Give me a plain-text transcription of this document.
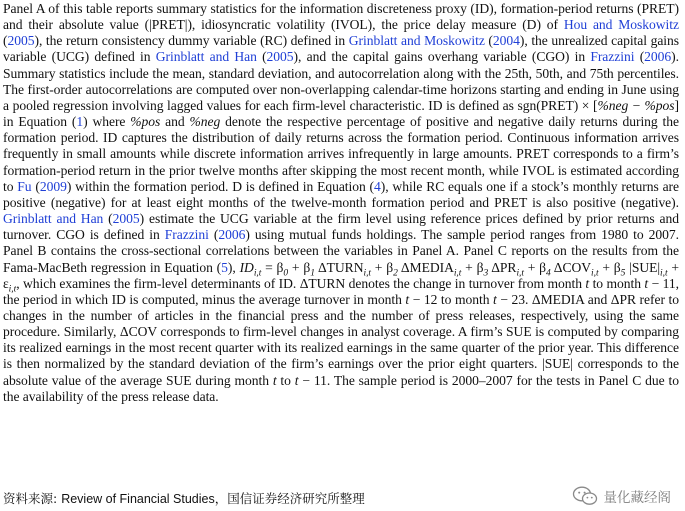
Panel A of this table reports summary statistics for the information discreteness proxy (ID), formation-period returns (PRET) and their absolute value (|PRET|), idiosyncratic volatility (IVOL), the price delay measure (D) of Hou and Moskowitz (2005), the return consistency dummy variable (RC) defined in Grinblatt and Moskowitz (2004), the unrealized capital gains variable (UCG) defined in Grinblatt and Han (2005), and the capital gains overhang variable (CGO) in Frazzini (2006). Summary statistics include the mean, standard deviation, and autocorrelation along with the 25th, 50th, and 75th percentiles. The first-order autocorrelations are computed over non-overlapping calendar-time horizons starting and ending in June using a pooled regression involving lagged values for each firm-level characteristic. ID is defined as sgn(PRET) × [%neg − %pos] in Equation (1) where %pos and %neg denote the respective percentage of positive and negative daily returns during the formation period. ID captures the distribution of daily returns across the formation period. Continuous information arrives frequently in small amounts while discrete information arrives infrequently in large amounts. PRET corresponds to a firm’s formation-period return in the prior twelve months after skipping the most recent month, while IVOL is estimated according to Fu (2009) within the formation period. D is defined in Equation (4), while RC equals one if a stock’s monthly returns are positive (negative) for at least eight months of the twelve-month formation period and PRET is also positive (negative). Grinblatt and Han (2005) estimate the UCG variable at the firm level using reference prices defined by prior returns and turnover. CGO is defined in Frazzini (2006) using mutual funds holdings. The sample period ranges from 1980 to 2007. Panel B contains the cross-sectional correlations between the variables in Panel A. Panel C reports on the results from the Fama-MacBeth regression in Equation (5), $ID_{i,t} = \beta_0 + \beta_1$ $\Delta TURN_{i,t} + \beta_2$ $\Delta MEDIA_{i,t} + \beta_3$ $\Delta PR_{i,t} + \beta_4$ $\Delta COV_{i,t} + \beta_5$ $|SUE|_{i,t} + \varepsilon_{i,t}$, which examines the firm-level determinants of ID. ΔTURN denotes the change in turnover from month t to month t − 11, the period in which ID is computed, minus the average turnover in month t − 12 to month t − 23. ΔMEDIA and ΔPR refer to changes in the number of articles in the financial press and the number of press releases, respectively, using the same procedure. Similarly, ΔCOV corresponds to firm-level changes in analyst coverage. A firm’s SUE is computed by comparing its realized earnings in the most recent quarter with its realized earnings in the same quarter of the prior year. This difference is then normalized by the standard deviation of the firm’s earnings over the prior eight quarters. |SUE| corresponds to the absolute value of the average SUE during month t to t − 11. The sample period is 2000–2007 for the tests in Panel C due to the availability of the press release data.

资料来源: Review of Financial Studies，国信证券经济研究所整理	量化藏经阁
